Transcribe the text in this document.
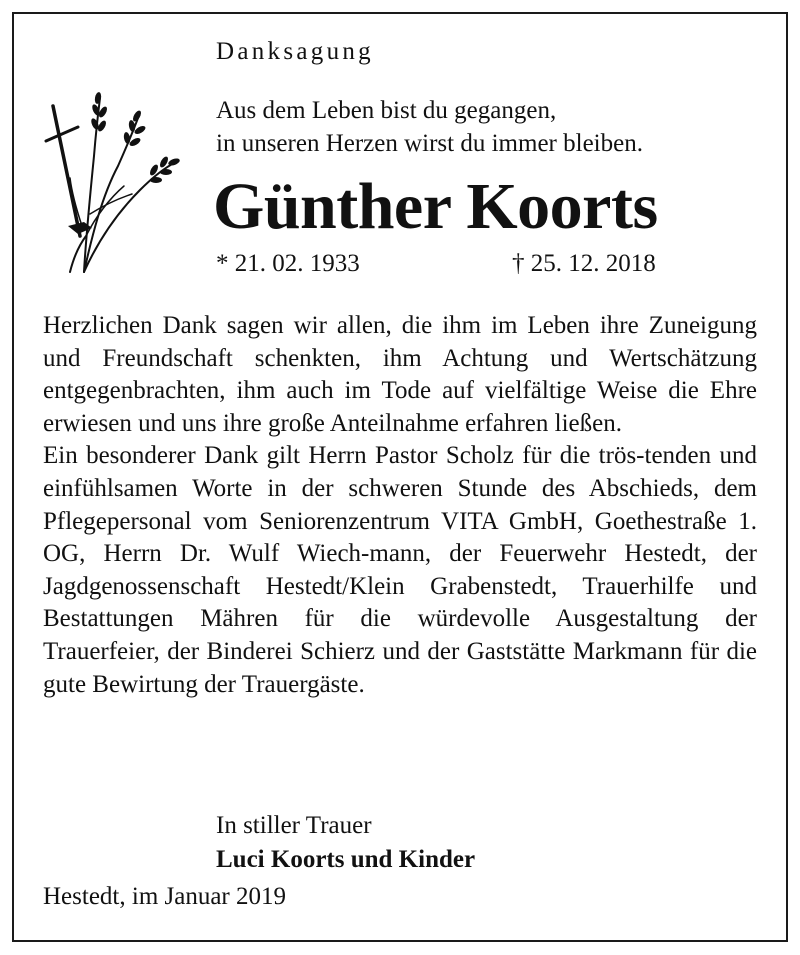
Danksagung
Aus dem Leben bist du gegangen,
in unseren Herzen wirst du immer bleiben.
Günther Koorts
* 21. 02. 1933	† 25. 12. 2018

Herzlichen Dank sagen wir allen, die ihm im Leben ihre Zuneigung und Freundschaft schenkten, ihm Achtung und Wertschätzung entgegenbrachten, ihm auch im Tode auf vielfältige Weise die Ehre erwiesen und uns ihre große Anteilnahme erfahren ließen.

Ein besonderer Dank gilt Herrn Pastor Scholz für die trös-tenden und einfühlsamen Worte in der schweren Stunde des Abschieds, dem Pflegepersonal vom Seniorenzentrum VITA GmbH, Goethestraße 1. OG, Herrn Dr. Wulf Wiech-mann, der Feuerwehr Hestedt, der Jagdgenossenschaft Hestedt/Klein Grabenstedt, Trauerhilfe und Bestattungen Mähren für die würdevolle Ausgestaltung der Trauerfeier, der Binderei Schierz und der Gaststätte Markmann für die gute Bewirtung der Trauergäste.

In stiller Trauer
Luci Koorts und Kinder
Hestedt, im Januar 2019
